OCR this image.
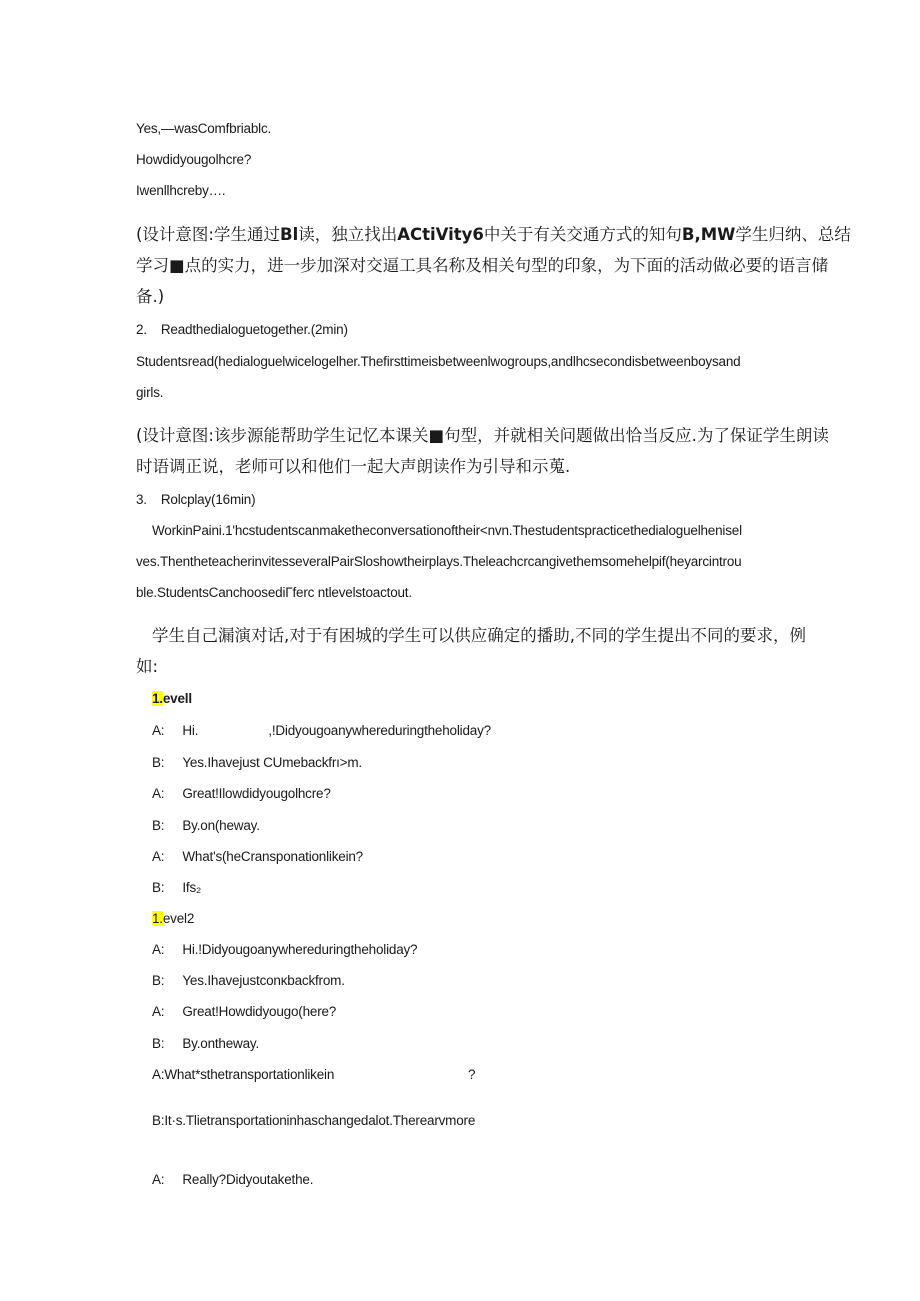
Yes,—wasComfbriablc.
Howdidyougolhcre?
Iwenllhcreby….
(设计意图:学生通过Bl读，独立找出ACtiVity6中关于有关交通方式的知句B,MW学生归纳、总结
学习■点的实力，进一步加深对交逼工具名称及相关句型的印象，为下面的活动做必要的语言储
备.)
2. Readthedialoguetogether.(2min)
Studentsread(hedialoguelwicelogelher.Thefirsttimeisbetweenlwogroups,andlhcsecondisbetweenboysand
girls.
(设计意图:该步源能帮助学生记忆本课关■句型，并就相关问题做出恰当反应.为了保证学生朗读
时语调正说，老师可以和他们一起大声朗读作为引导和示蒐.
3. Rolcplay(16min)
WorkinPaini.1'hcstudentscanmaketheconversationoftheir<nvn.Thestudentspracticethedialoguelhenisel
ves.ThentheteacherinvitesseveralPairSloshowtheirplays.Theleachcrcangivethemsomehelpif(heyarcintrou
ble.StudentsCanchoosediΓferc ntlevelstoactout.
学生自己漏演对话,对于有困城的学生可以供应确定的播助,不同的学生提出不同的要求，例
如:
1.evell
A: Hi.	,!Didyougoanywhereduringtheholiday?
B: Yes.Ihavejust CUmebackfrı>m.
A: Great!Ilowdidyougolhcre?
B: By.on(heway.
A: What's(heCransponationlikein?
B: Ifs₂
1.evel2
A: Hi.!Didyougoanywhereduringtheholiday?
B: Yes.Ihavejustconκbackfrom.
A: Great!Howdidyougo(here?
B: By.ontheway.
A:What*sthetransportationlikein	?
B:It·s.Tlietransportationinhaschangedalot.Therearvmore
A: Really?Didyoutakethe.
